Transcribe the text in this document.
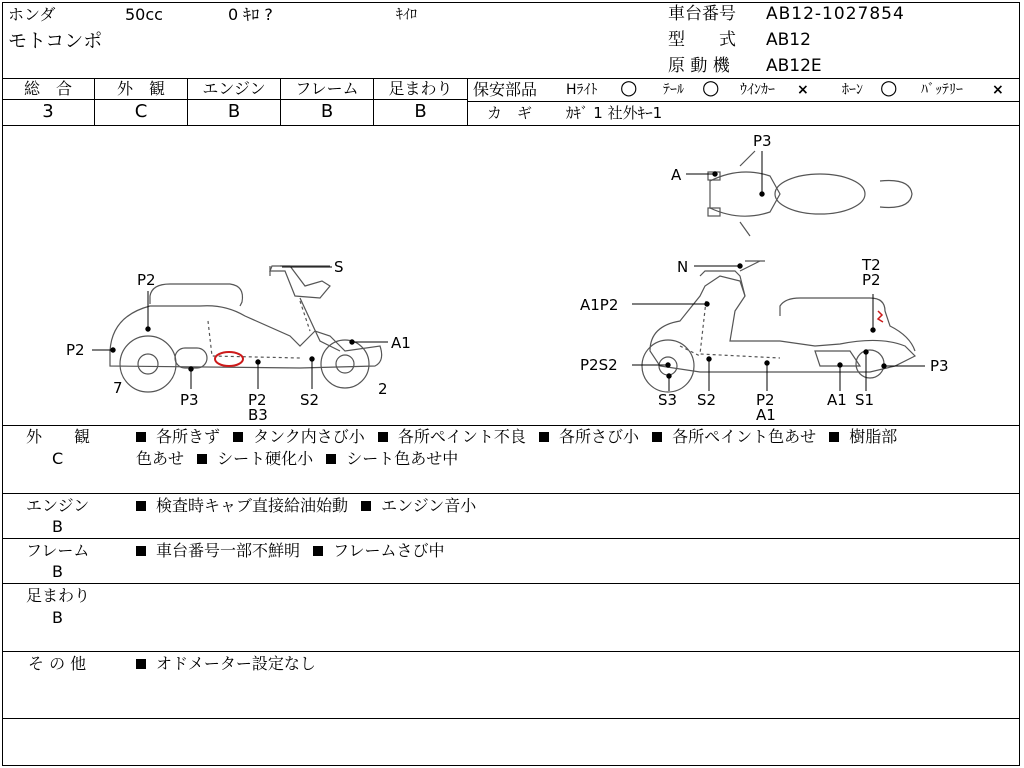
ホンダ	50cc	0 ｷﾛ ?	ｷｲﾛ
モトコンポ
車台番号 AB12-1027854
型　　式 AB12
原 動 機 AB12E
総　合	外　観	エンジン	フレーム	足まわり
3	C	B	B	B
保安部品 Hﾗｲﾄ ○ ﾃｰﾙ ○ ｳｲﾝｶｰ × ﾎｰﾝ ○ ﾊﾞｯﾃﾘｰ ×
カ　ギ ｶｷﾞ 1 社外ｷｰ1
S
P2
P2	A1
7	2
P3	P2
B3
S2
P3
A
N	T2
P2
A1P2
P2S2	P3
S3 S2	P2
A1
A1 S1
外　　観
C
各所きず タンク内さび小 各所ペイント不良 各所さび小 各所ペイント色あせ 樹脂部
色あせ シート硬化小 シート色あせ中
エンジン
B
検査時キャブ直接給油始動 エンジン音小
フレーム
B
車台番号一部不鮮明 フレームさび中
足まわり
B
そ の 他	オドメーター設定なし
